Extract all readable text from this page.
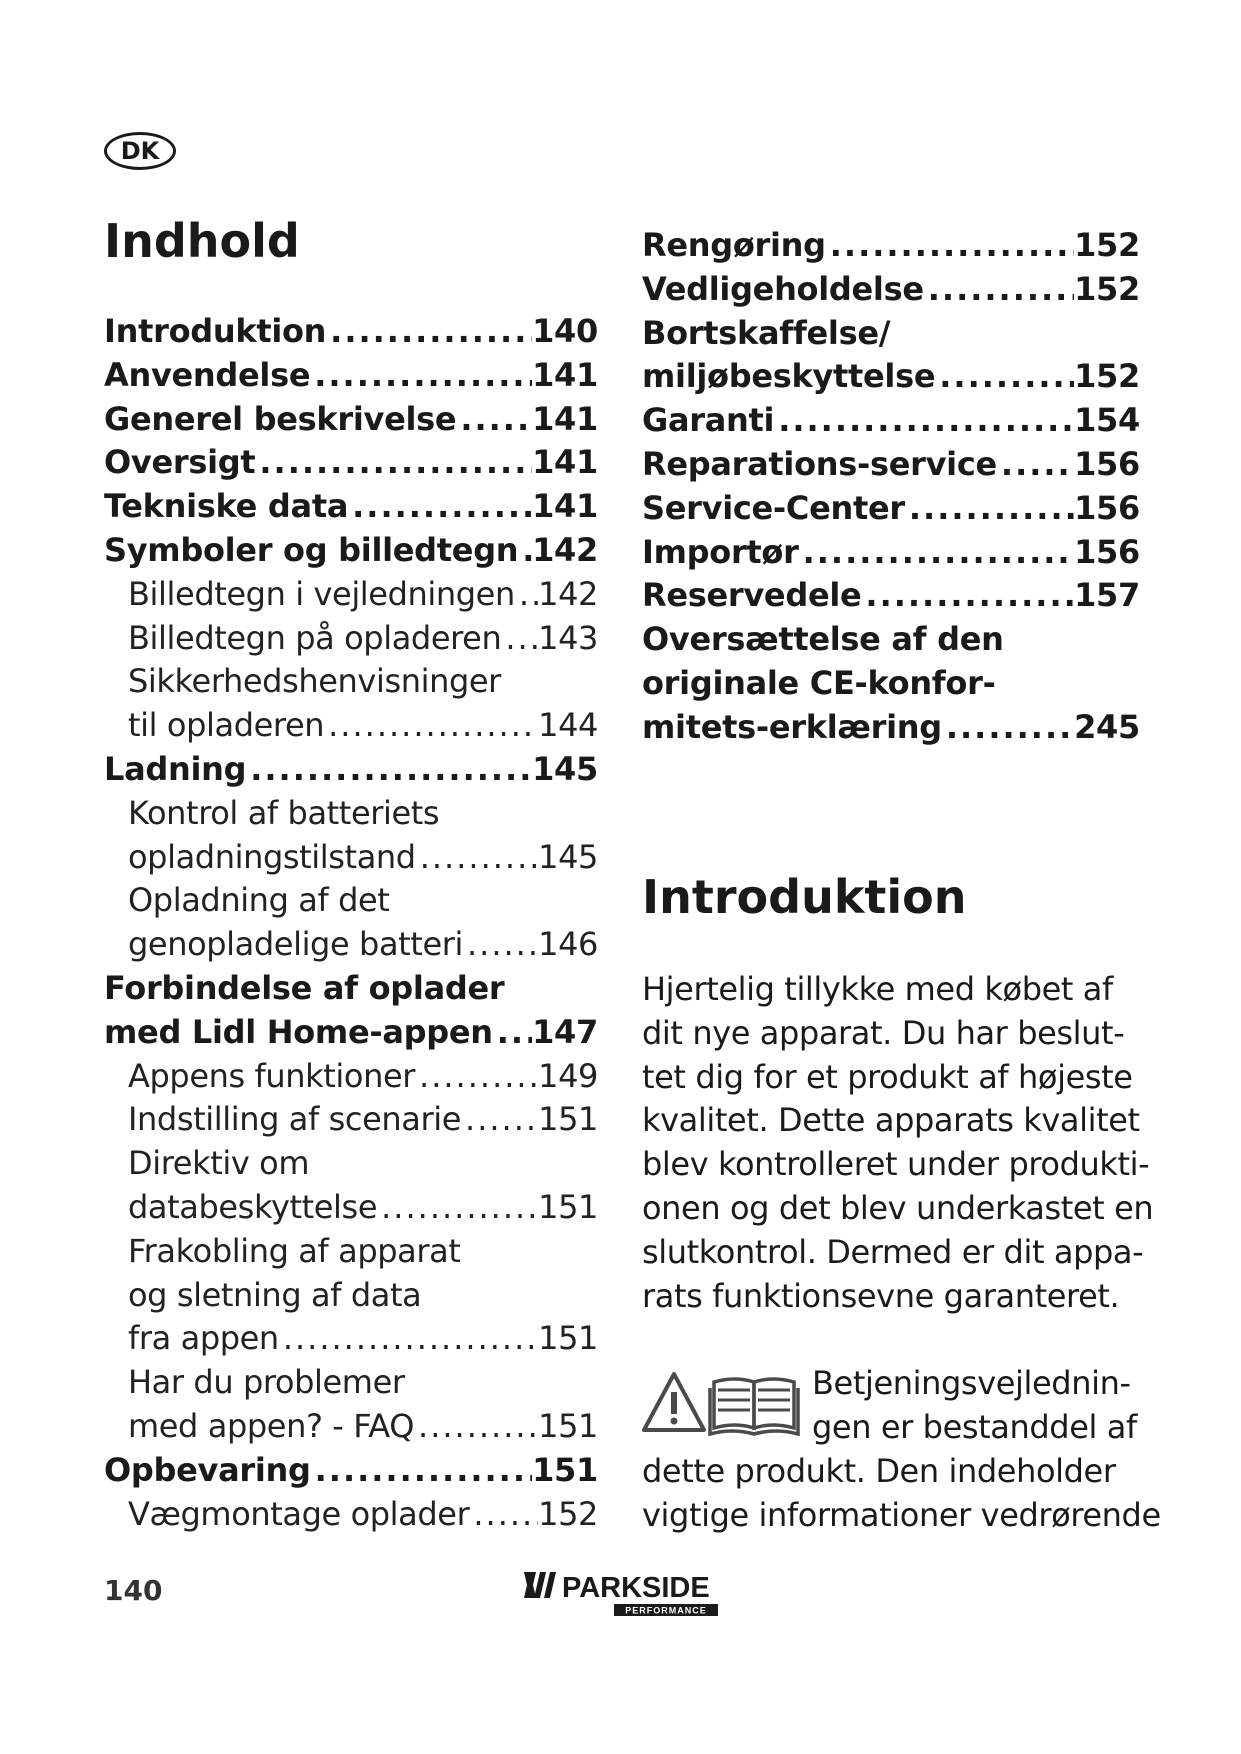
DK
Indhold
Introduktion .....	140
Anvendelse .....	141
Generel beskrivelse ..... 141
Oversigt .....	141
Tekniske data .....	141
Symboler og billedtegn ..... 142
Billedtegn i vejledningen ..... 142
Billedtegn på opladeren ..... 143
Sikkerhedshenvisninger
til opladeren .....	144
Ladning .....	145
Kontrol af batteriets
opladningstilstand .....	145
Opladning af det
genopladelige batteri ..... 146
Forbindelse af oplader
med Lidl Home-appen ..... 147
Appens funktioner .....	149
Indstilling af scenarie ..... 151
Direktiv om
databeskyttelse .....	151
Frakobling af apparat
og sletning af data
fra appen .....	151
Har du problemer
med appen? - FAQ .....	151
Opbevaring .....	151
Vægmontage oplader ..... 152
Rengøring .....	152
Vedligeholdelse .....	152
Bortskaffelse/
miljøbeskyttelse .....	152
Garanti .....	154
Reparations-service ..... 156
Service-Center .....	156
Importør .....	156
Reservedele .....	157
Oversættelse af den
originale CE-konfor-
mitets-erklæring .....	245
Introduktion
Hjertelig tillykke med købet af
dit nye apparat. Du har beslut-
tet dig for et produkt af højeste
kvalitet. Dette apparats kvalitet
blev kontrolleret under produkti-
onen og det blev underkastet en
slutkontrol. Dermed er dit appa-
rats funktionsevne garanteret.
Betjeningsvejlednin-
gen er bestanddel af
dette produkt. Den indeholder
vigtige informationer vedrørende
140	PARKSIDE
PERFORMANCE
